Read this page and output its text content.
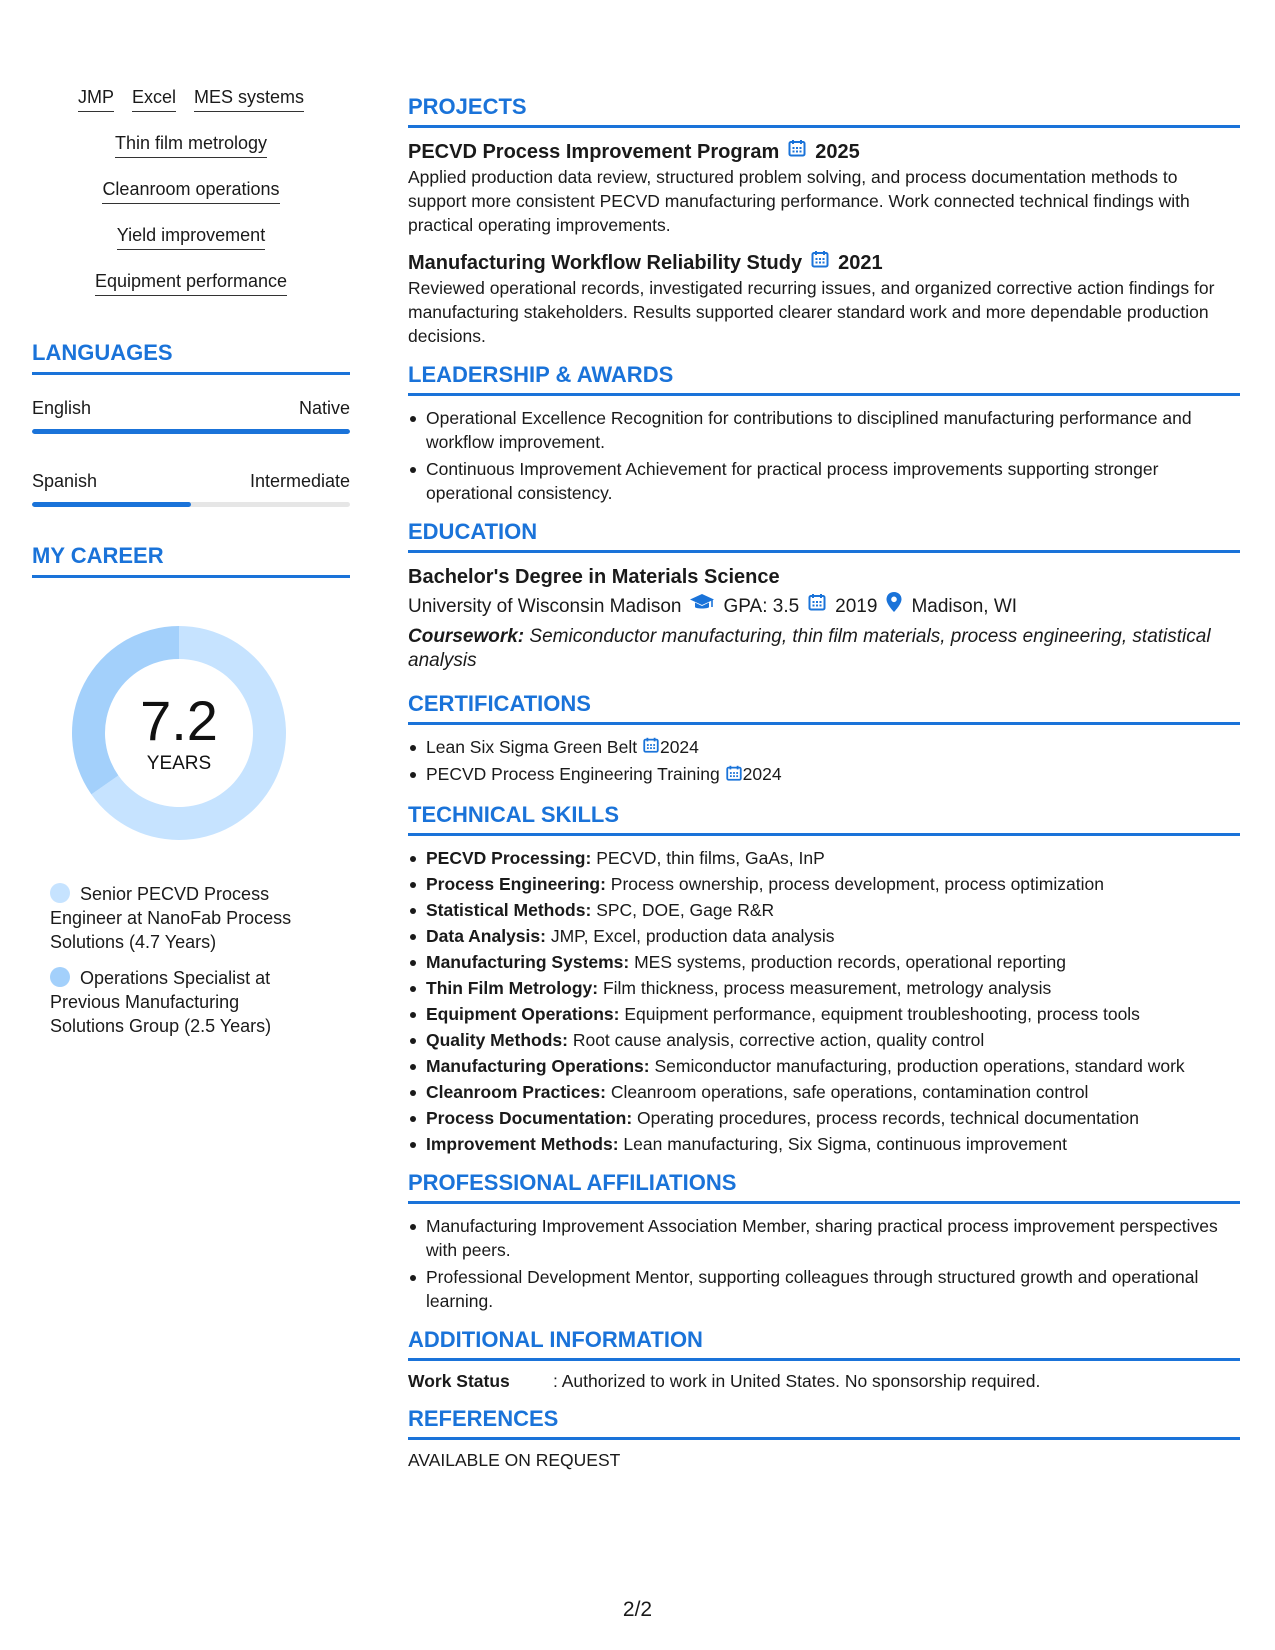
JMP Excel MES systems
Thin film metrology
Cleanroom operations
Yield improvement
Equipment performance
LANGUAGES
English	Native
Spanish	Intermediate
MY CAREER
7.2
YEARS
Senior PECVD Process Engineer at NanoFab Process Solutions (4.7 Years)
Operations Specialist at Previous Manufacturing Solutions Group (2.5 Years)
PROJECTS
PECVD Process Improvement Program 2025
Applied production data review, structured problem solving, and process documentation methods to support more consistent PECVD manufacturing performance. Work connected technical findings with practical operating improvements.
Manufacturing Workflow Reliability Study 2021
Reviewed operational records, investigated recurring issues, and organized corrective action findings for manufacturing stakeholders. Results supported clearer standard work and more dependable production decisions.
LEADERSHIP & AWARDS
Operational Excellence Recognition for contributions to disciplined manufacturing performance and workflow improvement.
Continuous Improvement Achievement for practical process improvements supporting stronger operational consistency.
EDUCATION
Bachelor's Degree in Materials Science
University of Wisconsin Madison GPA: 3.5 2019 Madison, WI
Coursework: Semiconductor manufacturing, thin film materials, process engineering, statistical analysis
CERTIFICATIONS
Lean Six Sigma Green Belt 2024
PECVD Process Engineering Training 2024
TECHNICAL SKILLS
PECVD Processing: PECVD, thin films, GaAs, InP
Process Engineering: Process ownership, process development, process optimization
Statistical Methods: SPC, DOE, Gage R&R
Data Analysis: JMP, Excel, production data analysis
Manufacturing Systems: MES systems, production records, operational reporting
Thin Film Metrology: Film thickness, process measurement, metrology analysis
Equipment Operations: Equipment performance, equipment troubleshooting, process tools
Quality Methods: Root cause analysis, corrective action, quality control
Manufacturing Operations: Semiconductor manufacturing, production operations, standard work
Cleanroom Practices: Cleanroom operations, safe operations, contamination control
Process Documentation: Operating procedures, process records, technical documentation
Improvement Methods: Lean manufacturing, Six Sigma, continuous improvement
PROFESSIONAL AFFILIATIONS
Manufacturing Improvement Association Member, sharing practical process improvement perspectives with peers.
Professional Development Mentor, supporting colleagues through structured growth and operational learning.
ADDITIONAL INFORMATION
Work Status	: Authorized to work in United States. No sponsorship required.
REFERENCES
AVAILABLE ON REQUEST
2/2
